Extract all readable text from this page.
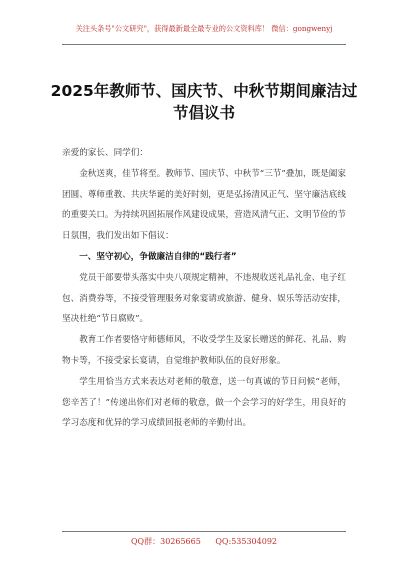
关注头条号"公文研究"，获得最新最全最专业的公文资料库！ 微信：gongwenyj
2025年教师节、国庆节、中秋节期间廉洁过节倡议书

亲爱的家长、同学们：

金秋送爽，佳节将至。教师节、国庆节、中秋节“三节”叠加，既是阖家团圆、尊师重教、共庆华诞的美好时刻，更是弘扬清风正气、坚守廉洁底线的重要关口。为持续巩固拓展作风建设成果，营造风清气正、文明节俭的节日氛围，我们发出如下倡议：

一、坚守初心，争做廉洁自律的“践行者”

党员干部要带头落实中央八项规定精神，不违规收送礼品礼金、电子红包、消费券等，不接受管理服务对象宴请或旅游、健身、娱乐等活动安排，坚决杜绝“节日腐败”。

教育工作者要恪守师德师风，不收受学生及家长赠送的鲜花、礼品、购物卡等，不接受家长宴请，自觉维护教师队伍的良好形象。

学生用恰当方式来表达对老师的敬意，送一句真诚的节日问候“老师，您辛苦了！”传递出你们对老师的敬意，做一个会学习的好学生，用良好的学习态度和优异的学习成绩回报老师的辛勤付出。

QQ群：30265665 QQ:535304092
